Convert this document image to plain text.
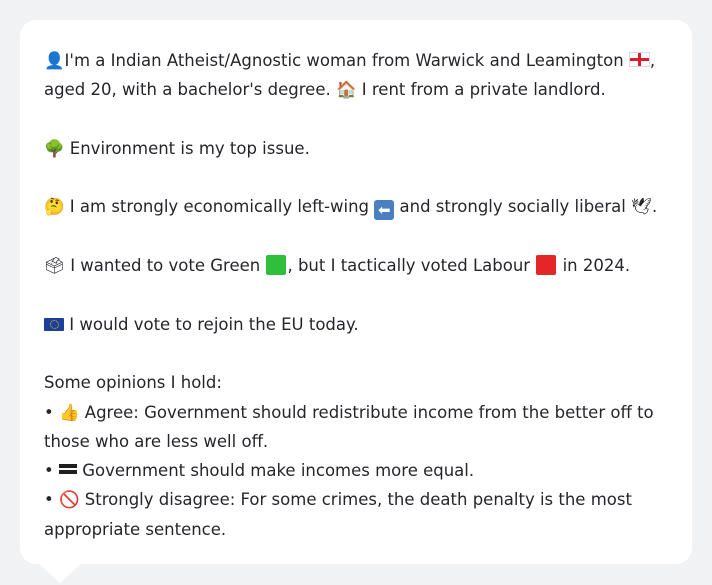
👤I'm a Indian Atheist/Agnostic woman from Warwick and Leamington ,
aged 20, with a bachelor's degree. 🏠 I rent from a private landlord.

🌳 Environment is my top issue.

🤔 I am strongly economically left-wing ⬅ and strongly socially liberal 🕊.

🗳 I wanted to vote Green , but I tactically voted Labour  in 2024.

I would vote to rejoin the EU today.

Some opinions I hold:

• 👍 Agree: Government should redistribute income from the better off to
those who are less well off.

•  Government should make incomes more equal.

• 🚫 Strongly disagree: For some crimes, the death penalty is the most
appropriate sentence.
